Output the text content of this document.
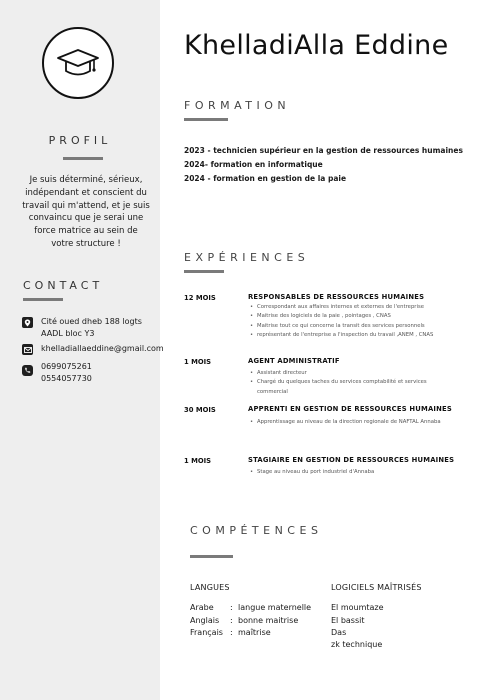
PROFIL
Je suis déterminé, sérieux, indépendant et conscient du travail qui m'attend, et je suis convaincu que je serai une force matrice au sein de votre structure !
CONTACT
Cité oued dheb 188 logts
AADL bloc Y3
khelladiallaeddine@gmail.com
0699075261
0554057730
KhelladiAlla Eddine
FORMATION
2023 - technicien supérieur en la gestion de ressources humaines
2024- formation en informatique
2024 - formation en gestion de la paie
EXPÉRIENCES
12 MOIS	RESPONSABLES DE RESSOURCES HUMAINES
• Correspondant aux affaires internes et externes de l'entreprise
• Maitrise des logiciels de la paie , pointages , CNAS
• Maitrise tout ce qui concerne la transit des services personnels
• représentant de l'entreprise a l'inspection du travail ,ANEM , CNAS
1 MOIS	AGENT ADMINISTRATIF
• Assistant directeur
• Chargé du quelques taches du services comptabilité et services
commercial
30 MOIS	APPRENTI EN GESTION DE RESSOURCES HUMAINES
• Apprentissage au niveau de la direction regionale de NAFTAL Annaba
1 MOIS	STAGIAIRE EN GESTION DE RESSOURCES HUMAINES
• Stage au niveau du port industriel d'Annaba
COMPÉTENCES
LANGUES
Arabe : langue maternelle
Anglais : bonne maitrise
Français : maîtrise
LOGICIELS MAÎTRISÉS
El moumtaze
El bassit
Das
zk technique
